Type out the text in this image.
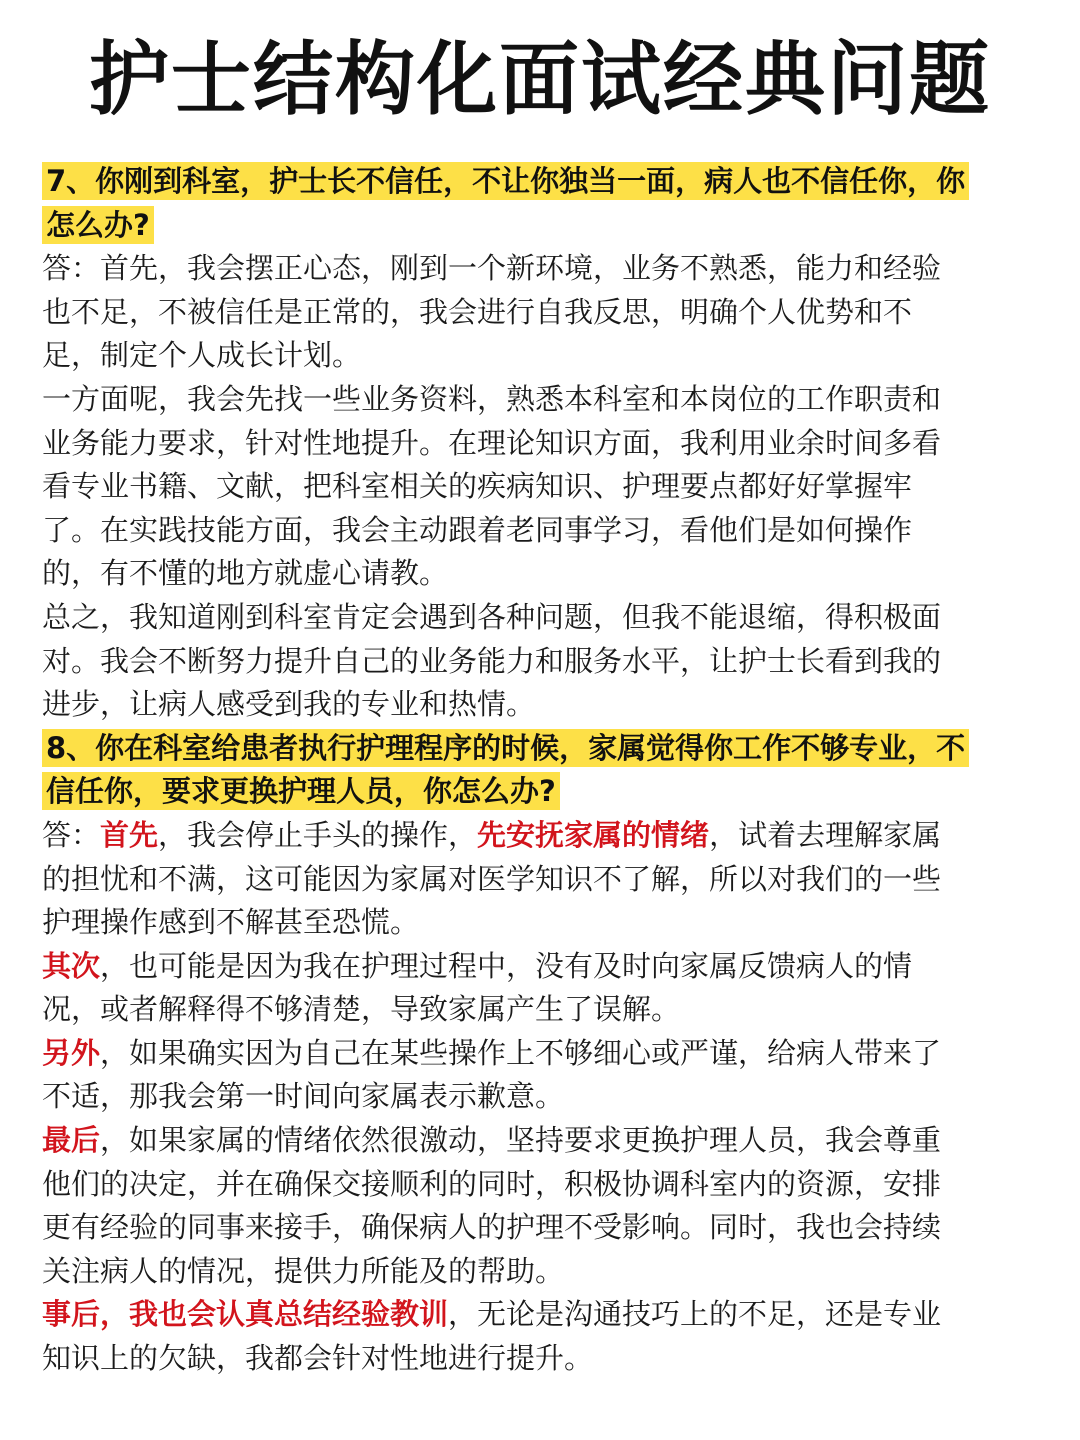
护士结构化面试经典问题
7、你刚到科室，护士长不信任，不让你独当一面，病人也不信任你，你
怎么办?
答：首先，我会摆正心态，刚到一个新环境，业务不熟悉，能力和经验
也不足，不被信任是正常的，我会进行自我反思，明确个人优势和不
足，制定个人成长计划。
一方面呢，我会先找一些业务资料，熟悉本科室和本岗位的工作职责和
业务能力要求，针对性地提升。在理论知识方面，我利用业余时间多看
看专业书籍、文献，把科室相关的疾病知识、护理要点都好好掌握牢
了。在实践技能方面，我会主动跟着老同事学习，看他们是如何操作
的，有不懂的地方就虚心请教。
总之，我知道刚到科室肯定会遇到各种问题，但我不能退缩，得积极面
对。我会不断努力提升自己的业务能力和服务水平，让护士长看到我的
进步，让病人感受到我的专业和热情。
8、你在科室给患者执行护理程序的时候，家属觉得你工作不够专业，不
信任你，要求更换护理人员，你怎么办?
答：首先，我会停止手头的操作，先安抚家属的情绪，试着去理解家属
的担忧和不满，这可能因为家属对医学知识不了解，所以对我们的一些
护理操作感到不解甚至恐慌。
其次，也可能是因为我在护理过程中，没有及时向家属反馈病人的情
况，或者解释得不够清楚，导致家属产生了误解。
另外，如果确实因为自己在某些操作上不够细心或严谨，给病人带来了
不适，那我会第一时间向家属表示歉意。
最后，如果家属的情绪依然很激动，坚持要求更换护理人员，我会尊重
他们的决定，并在确保交接顺利的同时，积极协调科室内的资源，安排
更有经验的同事来接手，确保病人的护理不受影响。同时，我也会持续
关注病人的情况，提供力所能及的帮助。
事后，我也会认真总结经验教训，无论是沟通技巧上的不足，还是专业
知识上的欠缺，我都会针对性地进行提升。
